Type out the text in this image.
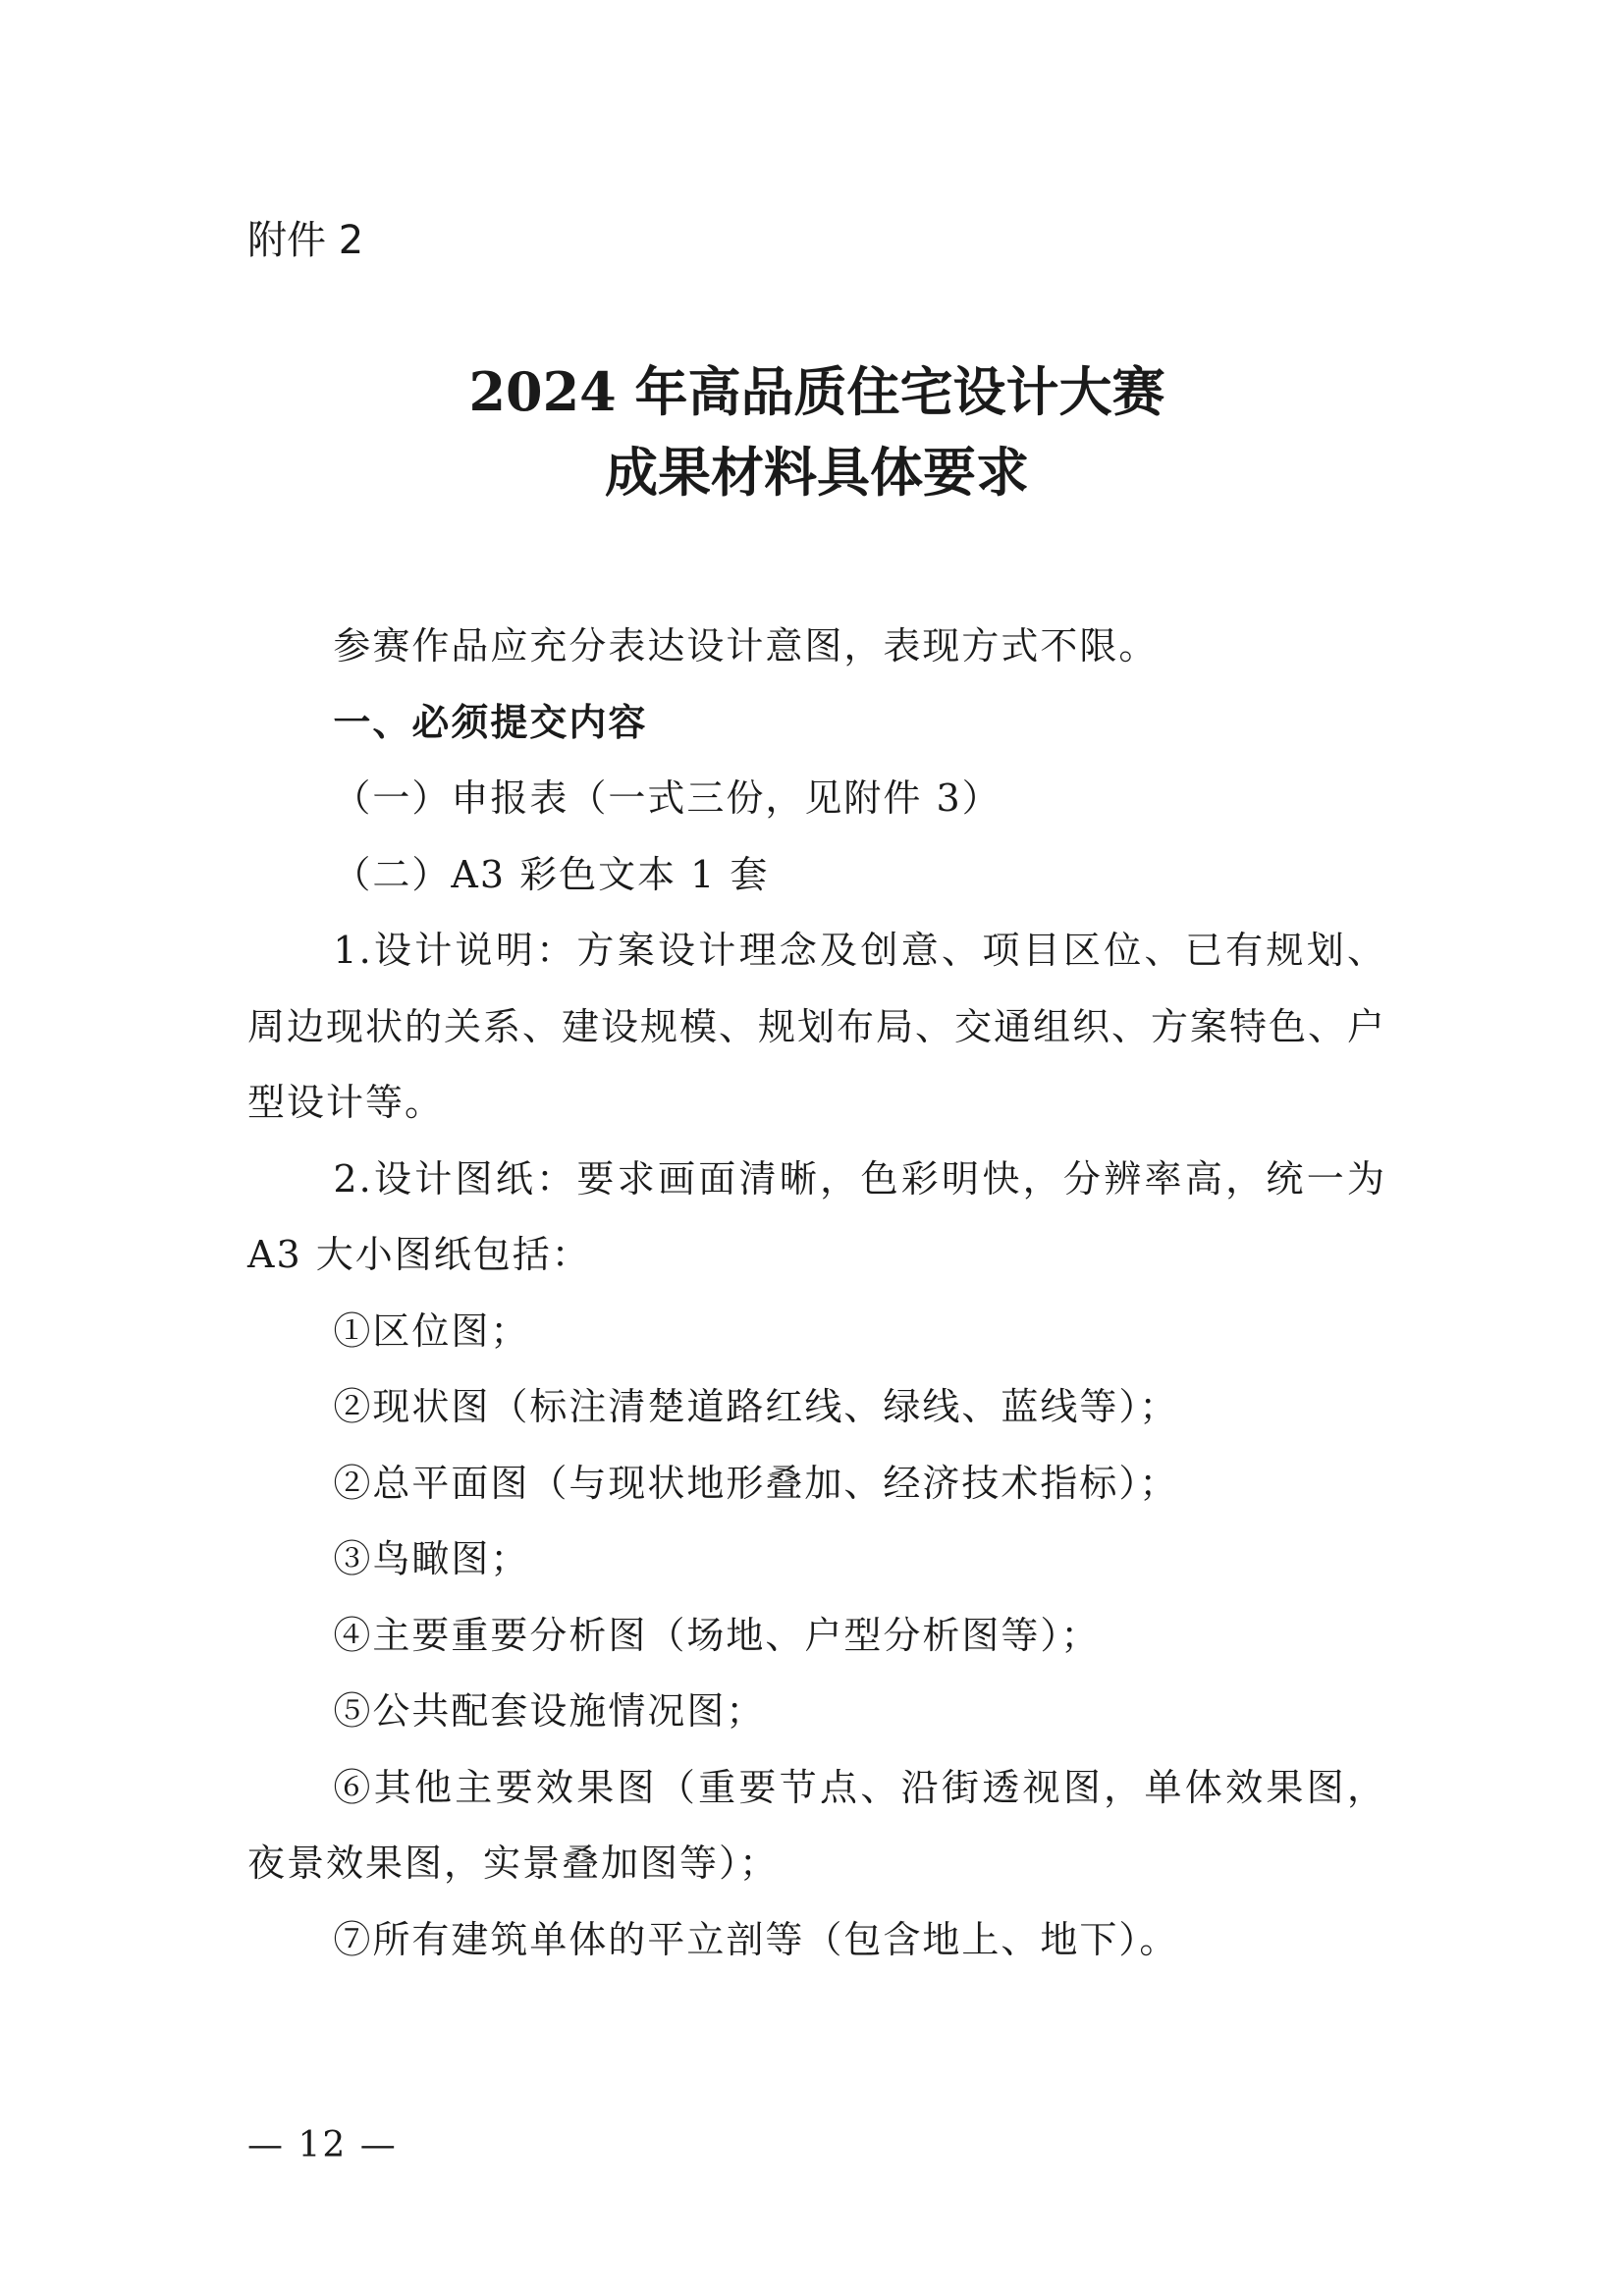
附件 2
2024 年高品质住宅设计大赛
成果材料具体要求

参赛作品应充分表达设计意图，表现方式不限。

一、必须提交内容

（一）申报表（一式三份，见附件 3）

（二）A3 彩色文本 1 套

1.设计说明：方案设计理念及创意、项目区位、已有规划、周边现状的关系、建设规模、规划布局、交通组织、方案特色、户型设计等。

2.设计图纸：要求画面清晰，色彩明快，分辨率高，统一为 A3 大小图纸包括：

①区位图；

②现状图（标注清楚道路红线、绿线、蓝线等）；

②总平面图（与现状地形叠加、经济技术指标）；

③鸟瞰图；

④主要重要分析图（场地、户型分析图等）；

⑤公共配套设施情况图；

⑥其他主要效果图（重要节点、沿街透视图，单体效果图，夜景效果图，实景叠加图等）；

⑦所有建筑单体的平立剖等（包含地上、地下）。

— 12 —
